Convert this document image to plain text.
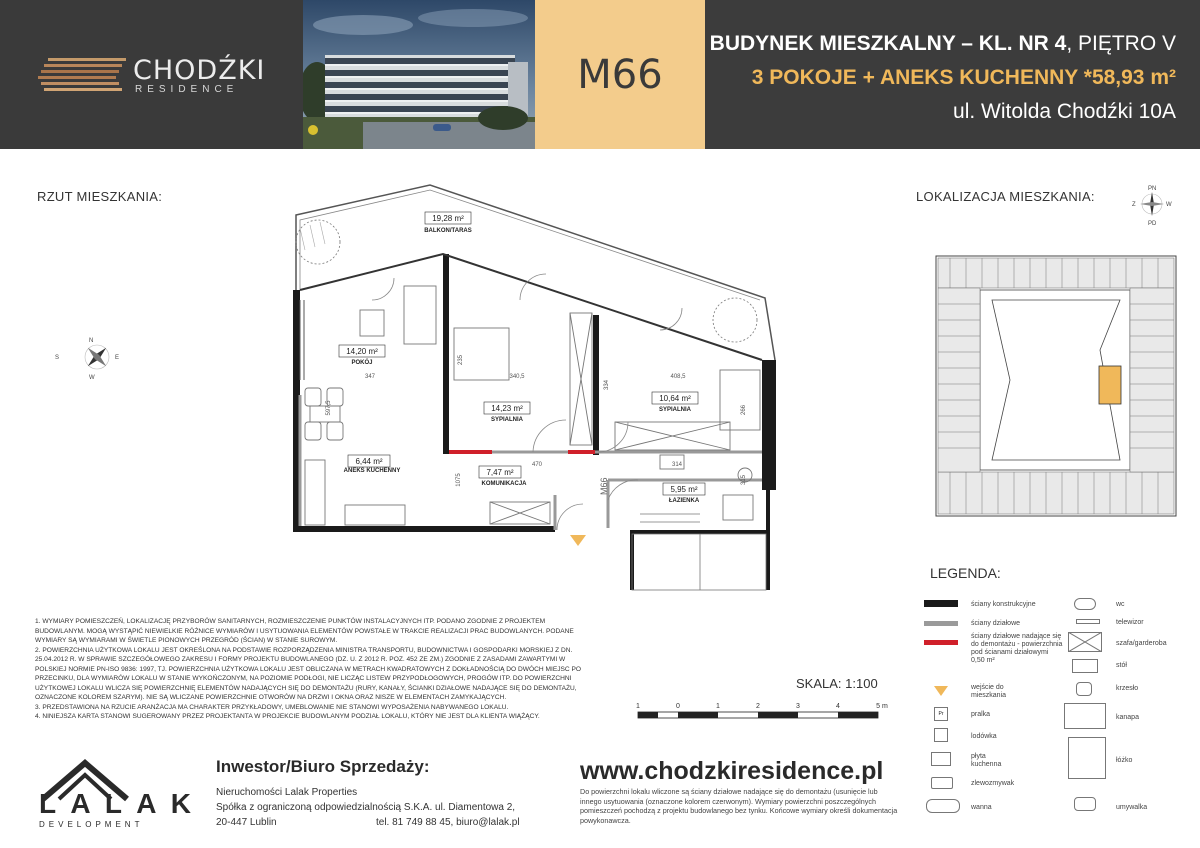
CHODŹKI
RESIDENCE	M66
BUDYNEK MIESZKALNY – KL. NR 4, PIĘTRO V
3 POKOJE + ANEKS KUCHENNY *58,93 m²
ul. Witolda Chodźki 10A
RZUT MIESZKANIA:	LOKALIZACJA MIESZKANIA:
19,28 m²
BALKON/TARAS
14,20 m²
POKÓJ
14,23 m²
SYPIALNIA
10,64 m²
SYPIALNIA
6,44 m²
ANEKS KUCHENNY	7,47 m²
KOMUNIKACJA
5,95 m²
ŁAZIENKA
347	340,5	408,5
597,5
235
334
314
1075
470
266
315
M66
N
E
W
S
PN
PD
Z	W
LEGENDA:
ściany konstrukcyjne
ściany działowe
ściany działowe nadające się do demontażu - powierzchnia pod ścianami działowymi 0,50 m²
wejście do mieszkania
Pr	pralka
lodówka
płyta kuchenna
zlewozmywak
wanna
wc
telewizor
szafa/garderoba
stół
krzesło
kanapa
łóżko
umywalka

1. WYMIARY POMIESZCZEŃ, LOKALIZACJĘ PRZYBORÓW SANITARNYCH, ROZMIESZCZENIE PUNKTÓW INSTALACYJNYCH ITP. PODANO ZGODNIE Z PROJEKTEM BUDOWLANYM. MOGĄ WYSTĄPIĆ NIEWIELKIE RÓŻNICE WYMIARÓW I USYTUOWANIA ELEMENTÓW POWSTAŁE W TRAKCIE REALIZACJI PRAC BUDOWLANYCH. PODANE WYMIARY SĄ WYMIARAMI W ŚWIETLE PIONOWYCH PRZEGRÓD (ŚCIAN) W STANIE SUROWYM.

2. POWIERZCHNIA UŻYTKOWA LOKALU JEST OKREŚLONA NA PODSTAWIE ROZPORZĄDZENIA MINISTRA TRANSPORTU, BUDOWNICTWA I GOSPODARKI MORSKIEJ Z DN. 25.04.2012 R. W SPRAWIE SZCZEGÓŁOWEGO ZAKRESU I FORMY PROJEKTU BUDOWLANEGO (DZ. U. Z 2012 R. POZ. 452 ZE ZM.) ZGODNIE Z ZASADAMI ZAWARTYMI W POLSKIEJ NORMIE PN-ISO 9836: 1997, TJ. POWIERZCHNIA UŻYTKOWA LOKALU JEST OBLICZANA W METRACH KWADRATOWYCH Z DOKŁADNOŚCIĄ DO DWÓCH MIEJSC PO PRZECINKU, DLA WYMIARÓW LOKALU W STANIE WYKOŃCZONYM, NA POZIOMIE PODŁOGI, NIE LICZĄC LISTEW PRZYPODŁOGOWYCH, PROGÓW ITP. DO POWIERZCHNI UŻYTKOWEJ LOKALU WLICZA SIĘ POWIERZCHNIĘ ELEMENTÓW NADAJĄCYCH SIĘ DO DEMONTAŻU (RURY, KANAŁY, ŚCIANKI DZIAŁOWE NADAJĄCE SIĘ DO DEMONTAŻU, OZNACZONE KOLOREM SZARYM). NIE SĄ WLICZANE POWIERZCHNIE OTWORÓW NA DRZWI I OKNA ORAZ NISZE W ELEMENTACH ZAMYKAJĄCYCH.

3. PRZEDSTAWIONA NA RZUCIE ARANŻACJA MA CHARAKTER PRZYKŁADOWY, UMEBLOWANIE NIE STANOWI WYPOSAŻENIA NABYWANEGO LOKALU.

4. NINIEJSZA KARTA STANOWI SUGEROWANY PRZEZ PROJEKTANTA W PROJEKCIE BUDOWLANYM PODZIAŁ LOKALU, KTÓRY NIE JEST DLA KLIENTA WIĄŻĄCY.

SKALA: 1:100
1	0	1	2	3	4	5 m
LALAK
DEVELOPMENT
Inwestor/Biuro Sprzedaży:
Nieruchomości Lalak Properties
Spółka z ograniczoną odpowiedzialnością S.K.A. ul. Diamentowa 2,
20-447 Lublin	tel. 81 749 88 45, biuro@lalak.pl
www.chodzkiresidence.pl
Do powierzchni lokalu wliczone są ściany działowe nadające się do demontażu (usunięcie lub innego usytuowania (oznaczone kolorem czerwonym). Wymiary powierzchni poszczególnych pomieszczeń pochodzą z projektu budowlanego bez tynku. Końcowe wymiary określi dokumentacja powykonawcza.
